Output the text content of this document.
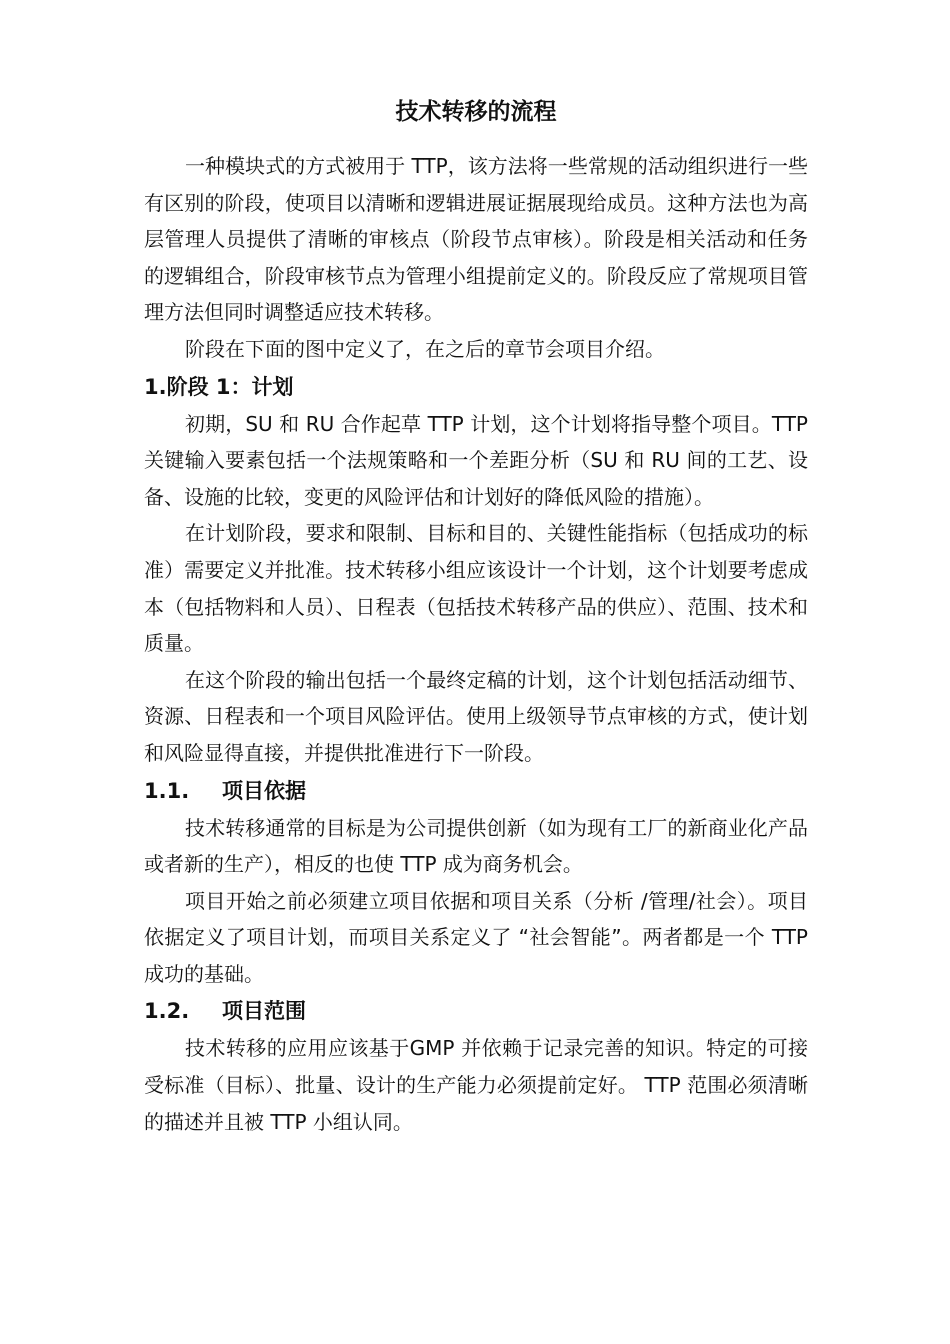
技术转移的流程

一种模块式的方式被用于 TTP，该方法将一些常规的活动组织进行一些有区别的阶段，使项目以清晰和逻辑进展证据展现给成员。这种方法也为高层管理人员提供了清晰的审核点（阶段节点审核）。阶段是相关活动和任务的逻辑组合，阶段审核节点为管理小组提前定义的。阶段反应了常规项目管理方法但同时调整适应技术转移。

阶段在下面的图中定义了，在之后的章节会项目介绍。

1.阶段 1：计划

初期，SU 和 RU 合作起草 TTP 计划，这个计划将指导整个项目。TTP 关键输入要素包括一个法规策略和一个差距分析（SU 和 RU 间的工艺、设备、设施的比较，变更的风险评估和计划好的降低风险的措施）。

在计划阶段，要求和限制、目标和目的、关键性能指标（包括成功的标准）需要定义并批准。技术转移小组应该设计一个计划，这个计划要考虑成本（包括物料和人员）、日程表（包括技术转移产品的供应）、范围、技术和质量。

在这个阶段的输出包括一个最终定稿的计划，这个计划包括活动细节、资源、日程表和一个项目风险评估。使用上级领导节点审核的方式，使计划和风险显得直接，并提供批准进行下一阶段。

1.1. 项目依据

技术转移通常的目标是为公司提供创新（如为现有工厂的新商业化产品或者新的生产），相反的也使 TTP 成为商务机会。

项目开始之前必须建立项目依据和项目关系（分析 /管理/社会）。项目依据定义了项目计划，而项目关系定义了 “社会智能”。两者都是一个 TTP 成功的基础。

1.2. 项目范围

技术转移的应用应该基于GMP 并依赖于记录完善的知识。特定的可接受标准（目标）、批量、设计的生产能力必须提前定好。 TTP 范围必须清晰的描述并且被 TTP 小组认同。
